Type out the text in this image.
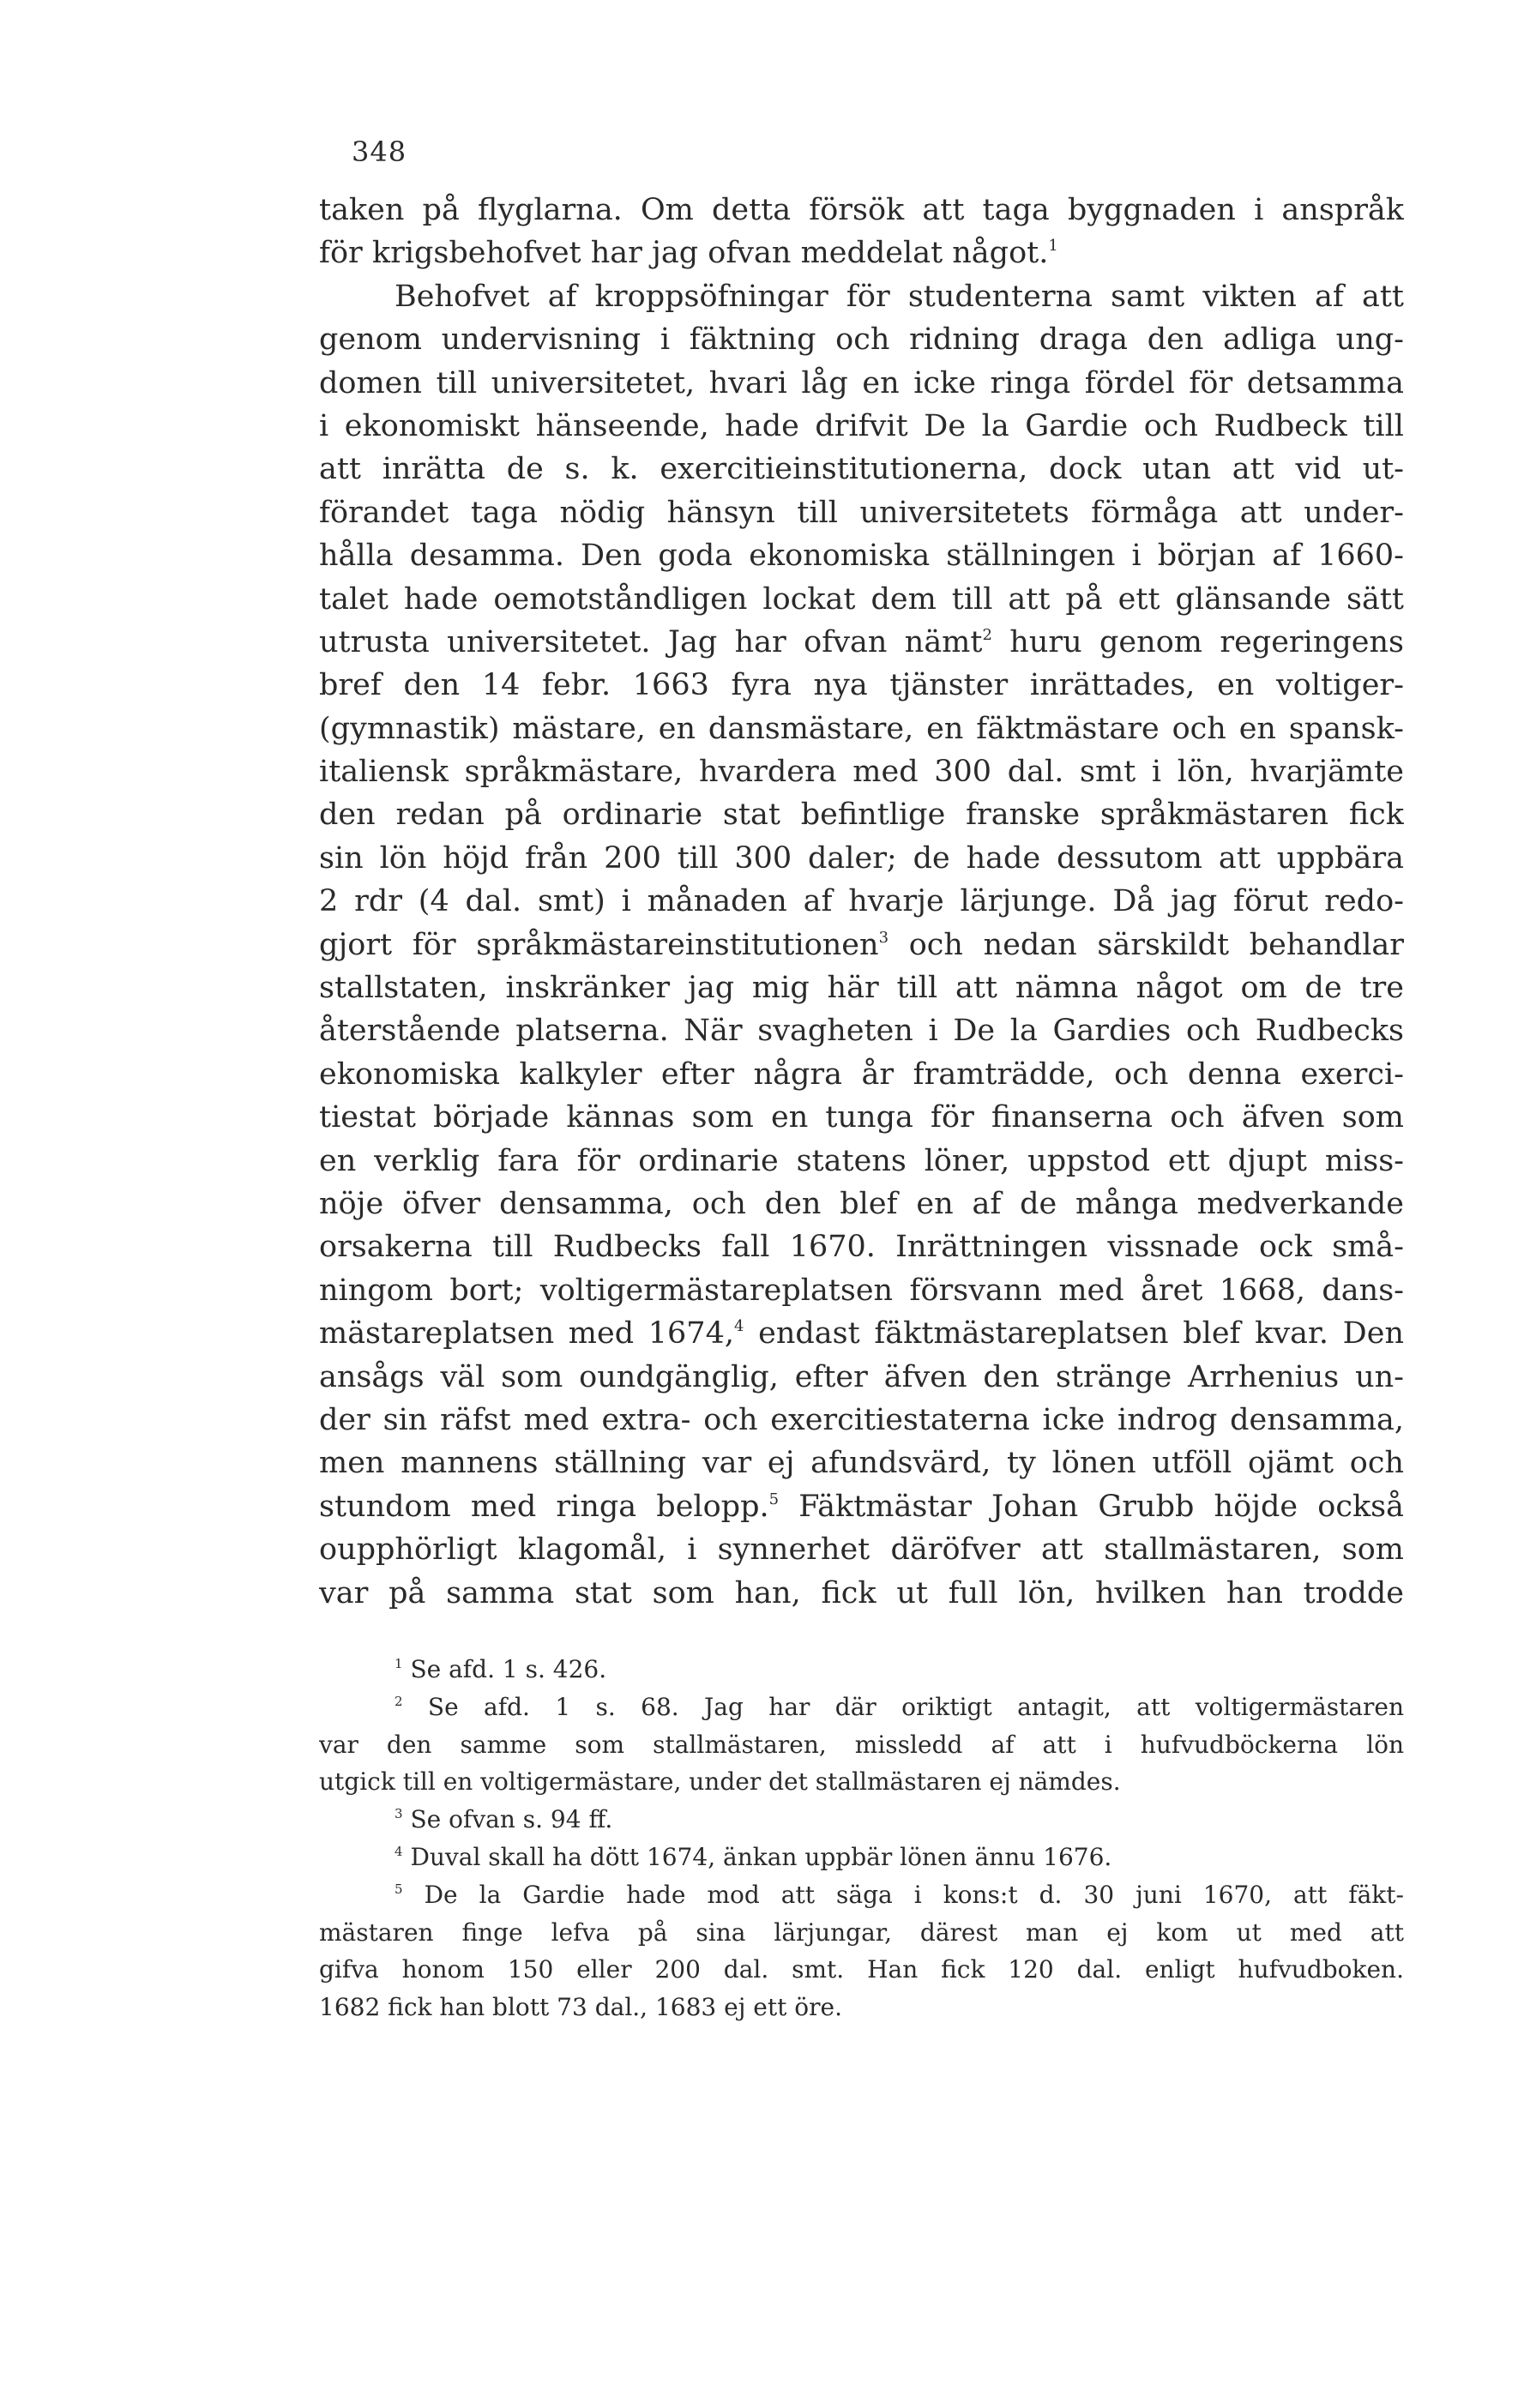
348
taken på flyglarna. Om detta försök att taga byggnaden i anspråk
för krigsbehofvet har jag ofvan meddelat något.$^1$
Behofvet af kroppsöfningar för studenterna samt vikten af att
genom undervisning i fäktning och ridning draga den adliga ung-
domen till universitetet, hvari låg en icke ringa fördel för detsamma
i ekonomiskt hänseende, hade drifvit De la Gardie och Rudbeck till
att inrätta de s. k. exercitieinstitutionerna, dock utan att vid ut-
förandet taga nödig hänsyn till universitetets förmåga att under-
hålla desamma. Den goda ekonomiska ställningen i början af 1660-
talet hade oemotståndligen lockat dem till att på ett glänsande sätt
utrusta universitetet. Jag har ofvan nämt$^2$ huru genom regeringens
bref den 14 febr. 1663 fyra nya tjänster inrättades, en voltiger-
(gymnastik) mästare, en dansmästare, en fäktmästare och en spansk-
italiensk språkmästare, hvardera med 300 dal. smt i lön, hvarjämte
den redan på ordinarie stat befintlige franske språkmästaren fick
sin lön höjd från 200 till 300 daler; de hade dessutom att uppbära
2 rdr (4 dal. smt) i månaden af hvarje lärjunge. Då jag förut redo-
gjort för språkmästareinstitutionen$^3$ och nedan särskildt behandlar
stallstaten, inskränker jag mig här till att nämna något om de tre
återstående platserna. När svagheten i De la Gardies och Rudbecks
ekonomiska kalkyler efter några år framträdde, och denna exerci-
tiestat började kännas som en tunga för finanserna och äfven som
en verklig fara för ordinarie statens löner, uppstod ett djupt miss-
nöje öfver densamma, och den blef en af de många medverkande
orsakerna till Rudbecks fall 1670. Inrättningen vissnade ock små-
ningom bort; voltigermästareplatsen försvann med året 1668, dans-
mästareplatsen med 1674,$^4$ endast fäktmästareplatsen blef kvar. Den
ansågs väl som oundgänglig, efter äfven den stränge Arrhenius un-
der sin räfst med extra- och exercitiestaterna icke indrog densamma,
men mannens ställning var ej afundsvärd, ty lönen utföll ojämt och
stundom med ringa belopp.$^5$ Fäktmästar Johan Grubb höjde också
oupphörligt klagomål, i synnerhet däröfver att stallmästaren, som
var på samma stat som han, fick ut full lön, hvilken han trodde
$^1$ Se afd. 1 s. 426.
$^2$ Se afd. 1 s. 68. Jag har där oriktigt antagit, att voltigermästaren
var den samme som stallmästaren, missledd af att i hufvudböckerna lön
utgick till en voltigermästare, under det stallmästaren ej nämdes.
$^3$ Se ofvan s. 94 ff.
$^4$ Duval skall ha dött 1674, änkan uppbär lönen ännu 1676.
$^5$ De la Gardie hade mod att säga i kons:t d. 30 juni 1670, att fäkt-
mästaren finge lefva på sina lärjungar, därest man ej kom ut med att
gifva honom 150 eller 200 dal. smt. Han fick 120 dal. enligt hufvudboken.
1682 fick han blott 73 dal., 1683 ej ett öre.
